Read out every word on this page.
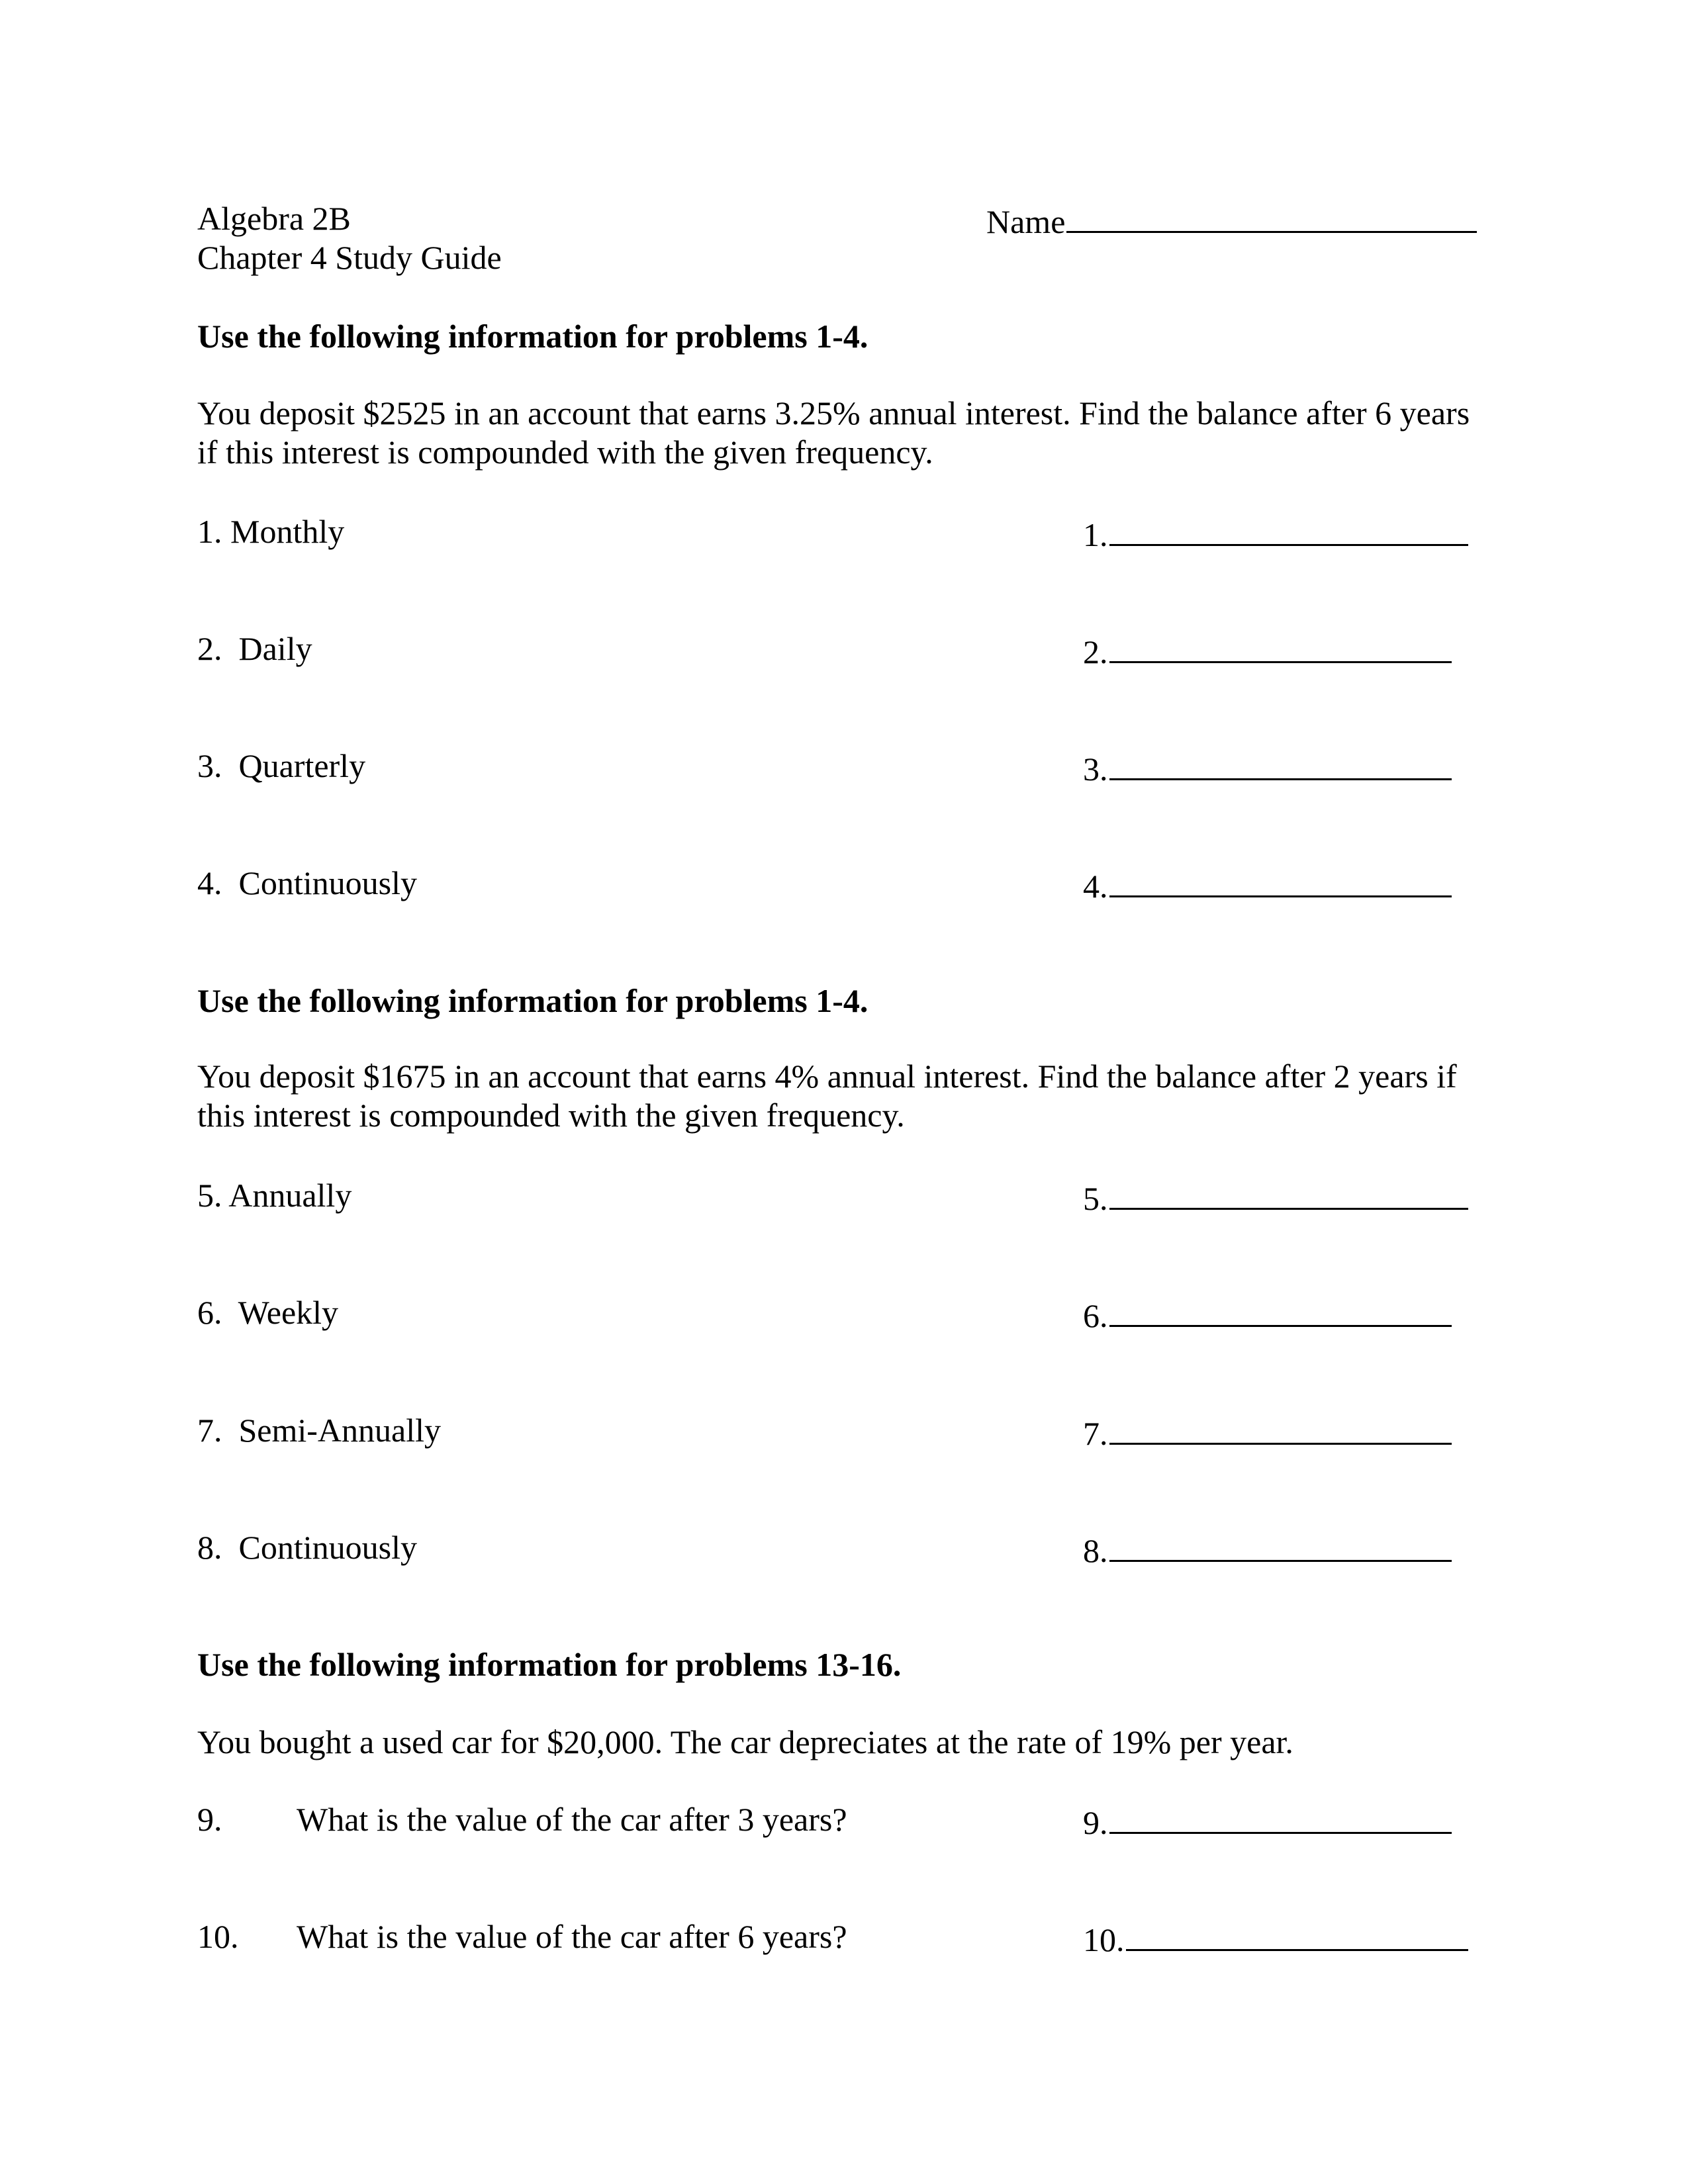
Algebra 2B
Chapter 4 Study Guide
Name
Use the following information for problems 1-4.
You deposit $2525 in an account that earns 3.25% annual interest. Find the balance after 6 years if this interest is compounded with the given frequency.
1. Monthly	1.
2.  Daily	2.
3.  Quarterly	3.
4.  Continuously	4.
Use the following information for problems 1-4.
You deposit $1675 in an account that earns 4% annual interest. Find the balance after 2 years if this interest is compounded with the given frequency.
5. Annually	5.
6.  Weekly	6.
7.  Semi-Annually	7.
8.  Continuously	8.
Use the following information for problems 13-16.
You bought a used car for $20,000. The car depreciates at the rate of 19% per year.
9. What is the value of the car after 3 years?	9.
10. What is the value of the car after 6 years?	10.
